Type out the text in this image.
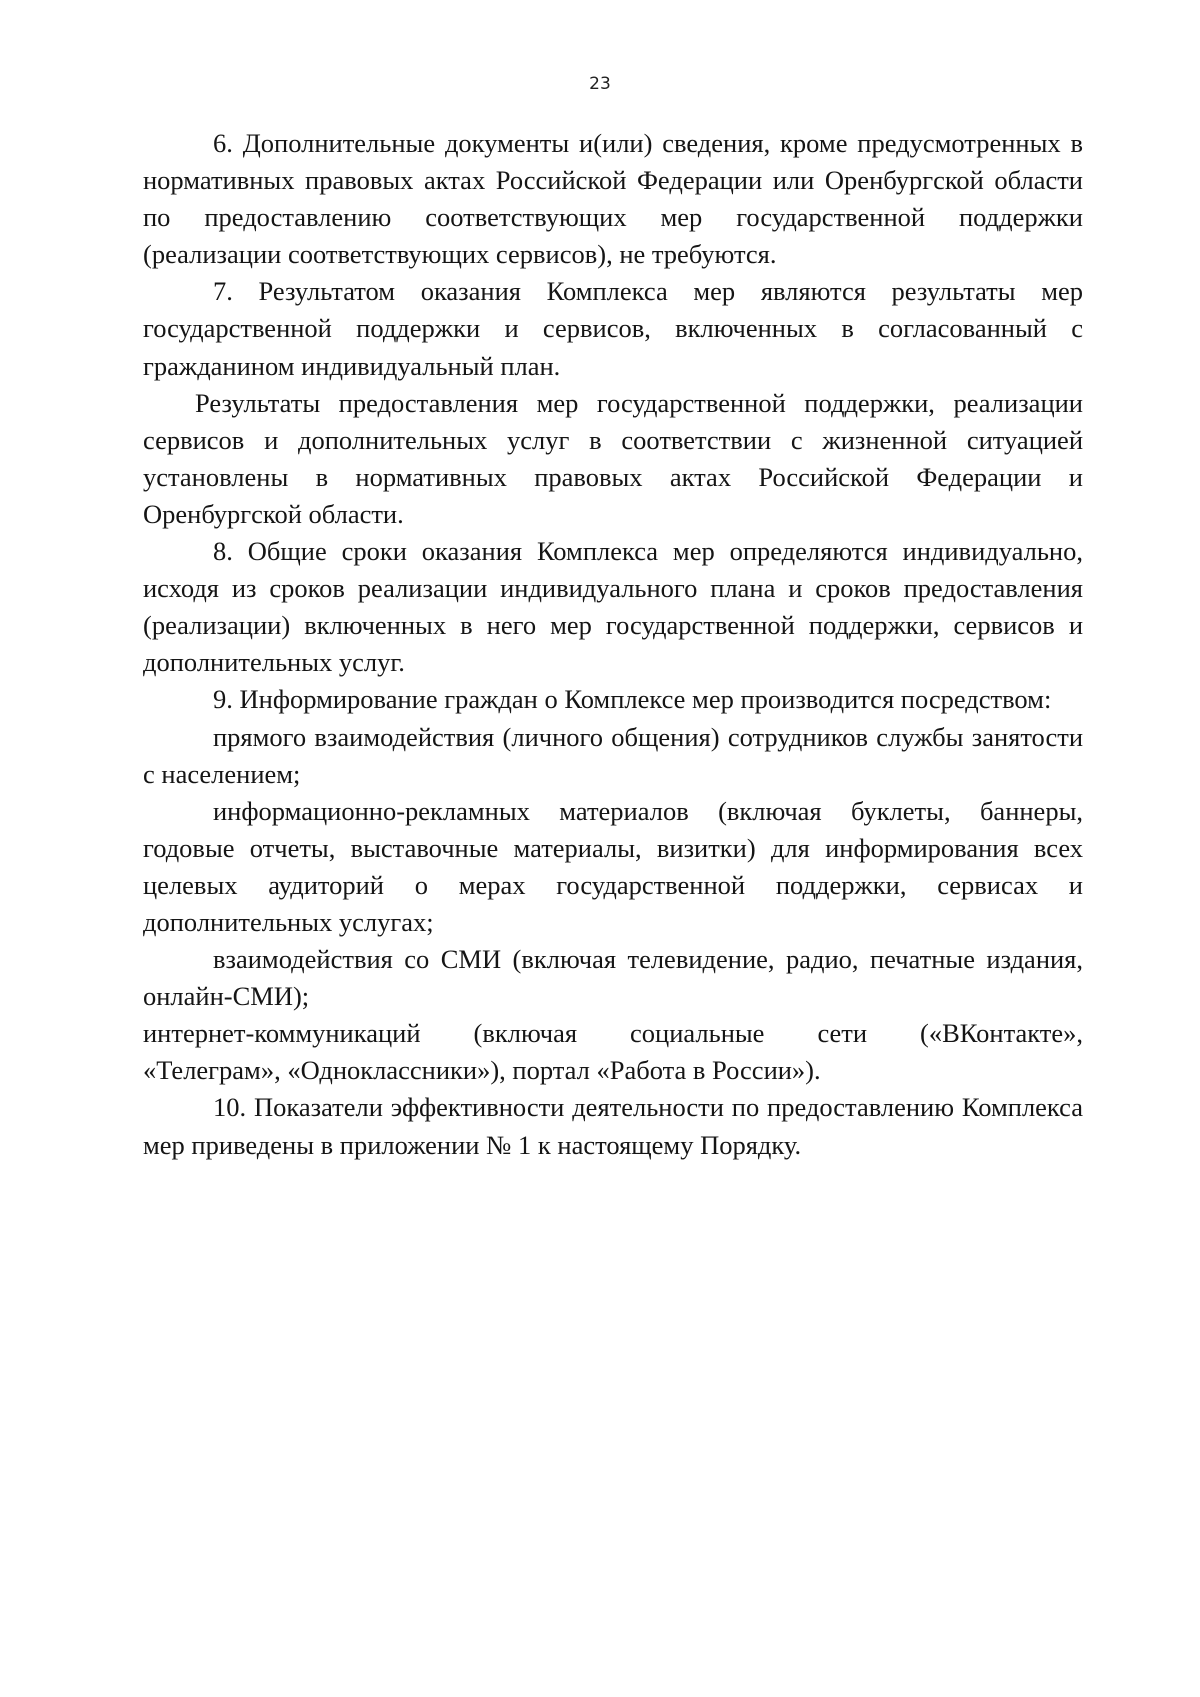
23

6. Дополнительные документы и(или) сведения, кроме предусмотренных в нормативных правовых актах Российской Федерации или Оренбургской области по предоставлению соответствующих мер государственной поддержки (реализации соответствующих сервисов), не требуются.

7. Результатом оказания Комплекса мер являются результаты мер государственной поддержки и сервисов, включенных в согласованный с гражданином индивидуальный план.

Результаты предоставления мер государственной поддержки, реализации сервисов и дополнительных услуг в соответствии с жизненной ситуацией установлены в нормативных правовых актах Российской Федерации и Оренбургской области.

8. Общие сроки оказания Комплекса мер определяются индивидуально, исходя из сроков реализации индивидуального плана и сроков предоставления (реализации) включенных в него мер государственной поддержки, сервисов и дополнительных услуг.

9. Информирование граждан о Комплексе мер производится посредством:

прямого взаимодействия (личного общения) сотрудников службы занятости с населением;

информационно-рекламных материалов (включая буклеты, баннеры, годовые отчеты, выставочные материалы, визитки) для информирования всех целевых аудиторий о мерах государственной поддержки, сервисах и дополнительных услугах;

взаимодействия со СМИ (включая телевидение, радио, печатные издания, онлайн-СМИ);

интернет-коммуникаций (включая социальные сети («ВКонтакте»,

«Телеграм», «Одноклассники»), портал «Работа в России»).

10. Показатели эффективности деятельности по предоставлению Комплекса мер приведены в приложении № 1 к настоящему Порядку.
